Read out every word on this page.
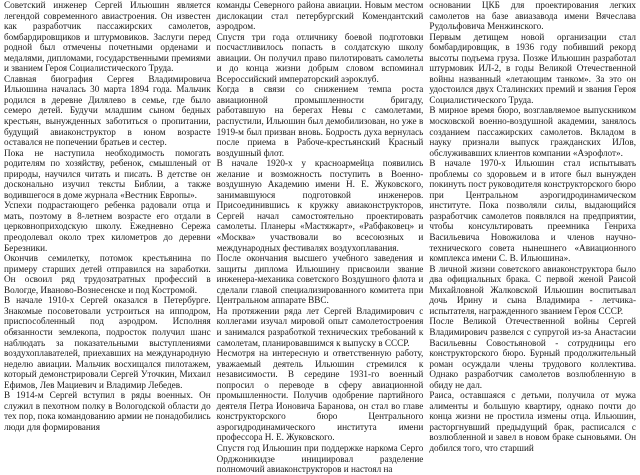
Советский инженер Сергей Ильюшин является легендой современного авиастроения. Он известен как разработчик пассажирских самолетов, бомбардировщиков и штурмовиков. Заслуги перед родной был отмечены почетными орденами и медалями, дипломами, государственными премиями и званием Героя Социалистического Труда.

Славная биография Сергея Владимировича Ильюшина началась 30 марта 1894 года. Мальчик родился в деревне Дилялево в семье, где было семеро детей. Будучи младшим сыном бедных крестьян, вынужденных заботиться о пропитании, будущий авиаконструктор в юном возрасте оставался не попечении братьев и сестер.

Пока не наступила необходимость помогать родителям по хозяйству, ребенок, смышленый от природы, научился читать и писать. В детстве он досконально изучил тексты Библии, а также водившегося в доме журнала «Вестник Европы».

Успехи подрастающего ребенка радовали отца и мать, поэтому в 8-летнем возрасте его отдали в церковноприходскую школу. Ежедневно Сережа преодолевал около трех километров до деревни Березники.

Окончив семилетку, потомок крестьянина по примеру старших детей отправился на заработки. Он освоил ряд трудозатратных профессий в Вологде, Иваново-Вознесенске и под Костромой.

В начале 1910-х Сергей оказался в Петербурге. Знакомые посоветовали устроиться на ипподром, приспособленный под аэродром. Исполняя обязанности землекопа, подросток получил шанс наблюдать за показательными выступлениями воздухоплавателей, приехавших на международную неделю авиации. Мальчик восхищался пилотажем, который демонстрировали Сергей Уточкин, Михаил Ефимов, Лев Мациевич и Владимир Лебедев.

В 1914-м Сергей вступил в ряды военных. Он служил в пехотном полку в Вологодской области до тех пор, пока командованию армии не понадобились люди для формирования

команды Северного района авиации. Новым местом дислокации стал петербургский Комендантский аэродром.

Спустя три года отличнику боевой подготовки посчастливилось попасть в солдатскую школу авиации. Он получил право пилотировать самолеты и до конца жизни добрым словом вспоминал Всероссийский императорский аэроклуб.

Когда в связи со снижением темпа роста авиационной промышленности бригаду, работавшую на берегах Невы с самолетами, распустили, Ильюшин был демобилизован, но уже в 1919-м был призван вновь. Бодрость духа вернулась после приема в Рабоче-крестьянский Красный воздушный флот.

В начале 1920-х у красноармейца появились желание и возможность поступить в Военно-воздушную Академию имени Н. Е. Жуковского, занимавшуюся подготовкой инженеров. Присоединившись к кружку авиаконструкторов, Сергей начал самостоятельно проектировать самолеты. Планеры «Мастяжарт», «Рабфаковец» и «Москва» участвовали во всесоюзных и международных фестивалях воздухоплавания.

После окончания высшего учебного заведения и защиты диплома Ильюшину присвоили звание инженера-механика советского Воздушного флота и сделали главой специализированного комитета при Центральном аппарате ВВС.

На протяжении ряда лет Сергей Владимирович с коллегами изучал мировой опыт самолетостроения и занимался разработкой технических требований к самолетам, планировавшимся к выпуску в СССР.

Несмотря на интересную и ответственную работу, уважаемый деятель Ильюшин стремился к независимости. В середине 1931-го военный попросил о переводе в сферу авиационной промышленности. Получив одобрение партийного деятеля Петра Ионовича Баранова, он стал во главе конструкторского бюро Центрального аэрогидродинамического института имени профессора Н. Е. Жуковского.

Спустя год Ильюшин при поддержке наркома Серго Орджоникидзе инициировал разделение полномочий авиаконструкторов и настоял на

основании ЦКБ для проектирования легких самолетов на базе авиазавода имени Вячеслава Рудольфовича Менжинского.

Первым детищем новой организации стал бомбардировщик, в 1936 году побивший рекорд высоты подъема груза. Позже Ильюшин разработал штурмовик ИЛ-2, в годы Великой Отечественной войны названный «летающим танком». За это он удостоился двух Сталинских премий и звания Героя Социалистического Труда.

В мирное время бюро, возглавляемое выпускником московской военно-воздушной академии, занялось созданием пассажирских самолетов. Вкладом в науку признали выпуск гражданских ИЛов, обслуживавших клиентов компании «Аэрофлот».

В начале 1970-х Ильюшин стал испытывать проблемы со здоровьем и в итоге был вынужден покинуть пост руководителя конструкторского бюро при Центральном аэрогидродинамическом институте. Пока позволяли силы, выдающийся разработчик самолетов появлялся на предприятии, чтобы консультировать преемника Генриха Васильевича Новожилова и членов научно-технического совета нынешнего «Авиационного комплекса имени С. В. Ильюшина».

В личной жизни советского авиаконструктора было два официальных брака. С первой женой Раисой Михайловной Жалковской Ильюшин воспитывал дочь Ирину и сына Владимира - летчика-испытателя, награжденного званием Героя СССР.

После Великой Отечественной войны Сергей Владимирович развелся с супругой из-за Анастасии Васильевны Совостьяновой - сотрудницы его конструкторского бюро. Бурный продолжительный роман осуждали члены трудового коллектива. Однако разработчик самолетов возлюбленную в обиду не дал.

Раиса, оставшаяся с детьми, получила от мужа алименты и большую квартиру, однако почти до конца жизни не простила измены отца. Ильюшин, расторгнувший предыдущий брак, расписался с возлюбленной и завел в новом браке сыновьями. Он добился того, что старший
